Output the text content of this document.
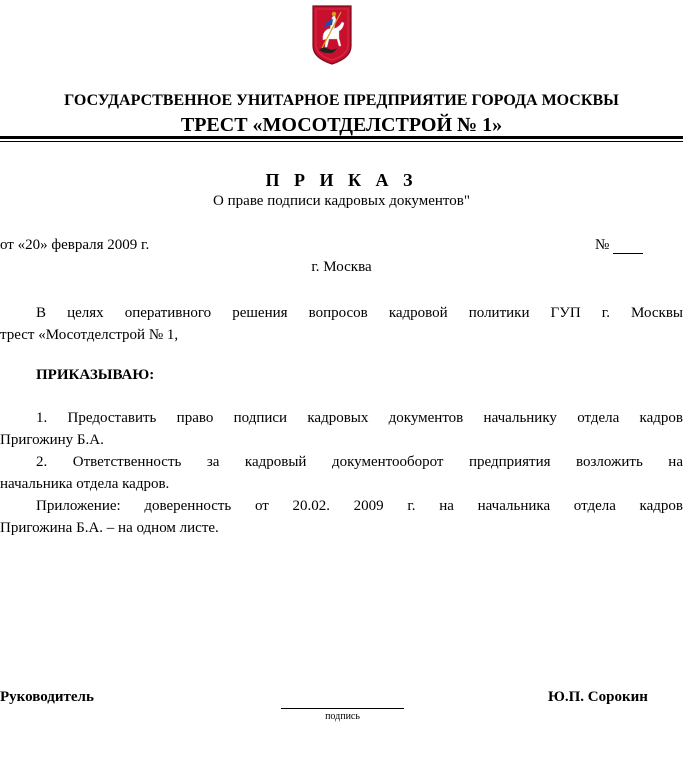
ГОСУДАРСТВЕННОЕ УНИТАРНОЕ ПРЕДПРИЯТИЕ ГОРОДА МОСКВЫ
ТРЕСТ «МОСОТДЕЛСТРОЙ № 1»
П Р И К А З
О праве подписи кадровых документов"
от «20» февраля 2009 г.	№
г. Москва
В целях оперативного решения вопросов кадровой политики ГУП г. Москвы
трест «Мосотделстрой № 1,
ПРИКАЗЫВАЮ:
1. Предоставить право подписи кадровых документов начальнику отдела кадров
Пригожину Б.А.
2. Ответственность за кадровый документооборот предприятия возложить на
начальника отдела кадров.
Приложение: доверенность от 20.02. 2009 г. на начальника отдела кадров
Пригожина Б.А. – на одном листе.
Руководитель
подпись
Ю.П. Сорокин
